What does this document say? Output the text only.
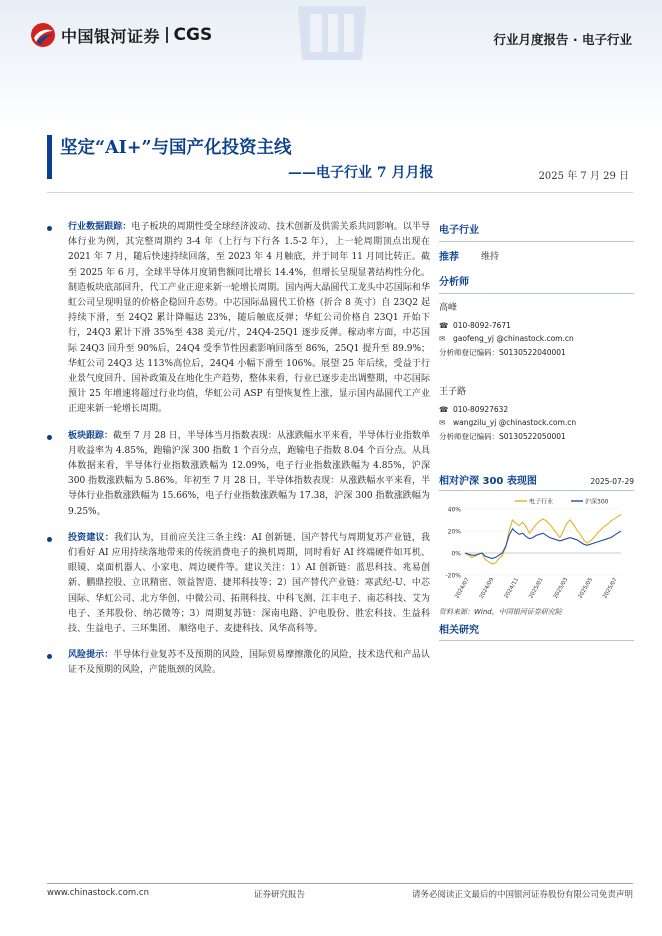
中国银河证券 CGS	行业月度报告 · 电子行业
坚定“AI+”与国产化投资主线
——电子行业 7 月月报	2025 年 7 月 29 日
行业数据跟踪：电子板块的周期性受全球经济波动、技术创新及供需关系共同影响。以半导体行业为例，其完整周期约 3-4 年（上行与下行各 1.5-2 年），上一轮周期顶点出现在 2021 年 7 月，随后快速持续回落，至 2023 年 4 月触底，并于同年 11 月同比转正。截至 2025 年 6 月，全球半导体月度销售额同比增长 14.4%，但增长呈现显著结构性分化。制造板块底部回升，代工产业正迎来新一轮增长周期。国内两大晶圆代工龙头中芯国际和华虹公司呈现明显的价格企稳回升态势。中芯国际晶圆代工价格（折合 8 英寸）自 23Q2 起持续下滑，至 24Q2 累计降幅达 23%，随后触底反弹；华虹公司价格自 23Q1 开始下行，24Q3 累计下滑 35%至 438 美元/片，24Q4-25Q1 逐步反弹。稼动率方面，中芯国际 24Q3 回升至 90%后，24Q4 受季节性因素影响回落至 86%，25Q1 提升至 89.9%；华虹公司 24Q3 达 113%高位后，24Q4 小幅下滑至 106%。展望 25 年后续，受益于行业景气度回升、国补政策及在地化生产趋势，整体来看，行业已逐步走出调整期，中芯国际预计 25 年增速将超过行业均值，华虹公司 ASP 有望恢复性上涨，显示国内晶圆代工产业正迎来新一轮增长周期。
板块跟踪：截至 7 月 28 日，半导体当月指数表现：从涨跌幅水平来看，半导体行业指数单月收益率为 4.85%，跑输沪深 300 指数 1 个百分点，跑输电子指数 8.04 个百分点。从具体数据来看，半导体行业指数涨跌幅为 12.09%，电子行业指数涨跌幅为 4.85%，沪深 300 指数涨跌幅为 5.86%。年初至 7 月 28 日，半导体指数表现：从涨跌幅水平来看，半导体行业指数涨跌幅为 15.66%，电子行业指数涨跌幅为 17.38，沪深 300 指数涨跌幅为 9.25%。
投资建议：我们认为，目前应关注三条主线：AI 创新链、国产替代与周期复苏产业链，我们看好 AI 应用持续落地带来的传统消费电子的换机周期，同时看好 AI 终端硬件如耳机、眼镜、桌面机器人、小家电、周边硬件等。建议关注：1）AI 创新链：蓝思科技、兆易创新、鹏鼎控股、立讯精密、领益智造、捷邦科技等；2）国产替代产业链：寒武纪-U、中芯国际、华虹公司、北方华创、中微公司、拓荆科技、中科飞测、江丰电子、南芯科技、艾为电子、圣邦股份、纳芯微等；3）周期复苏链：深南电路、沪电股份、胜宏科技、生益科技、生益电子、三环集团、 顺络电子、麦捷科技、风华高科等。
风险提示：半导体行业复苏不及预期的风险，国际贸易摩擦激化的风险，技术迭代和产品认证不及预期的风险，产能瓶颈的风险。
电子行业
推荐 维持
分析师
高峰
☎ 010-8092-7671
✉ gaofeng_yj @chinastock.com.cn
分析师登记编码：S0130522040001
王子路
☎ 010-80927632
✉ wangzilu_yj @chinastock.com.cn
分析师登记编码：S0130522050001
相对沪深 300 表现图	2025-07-29
40%
20%
0%
-20%
2024/07 2024/09 2024/11 2025/01 2025/03 2025/05 2025/07
电子行业	沪深300
资料来源：Wind，中国银河证券研究院
相关研究
www.chinastock.com.cn	证券研究报告	请务必阅读正文最后的中国银河证券股份有限公司免责声明
